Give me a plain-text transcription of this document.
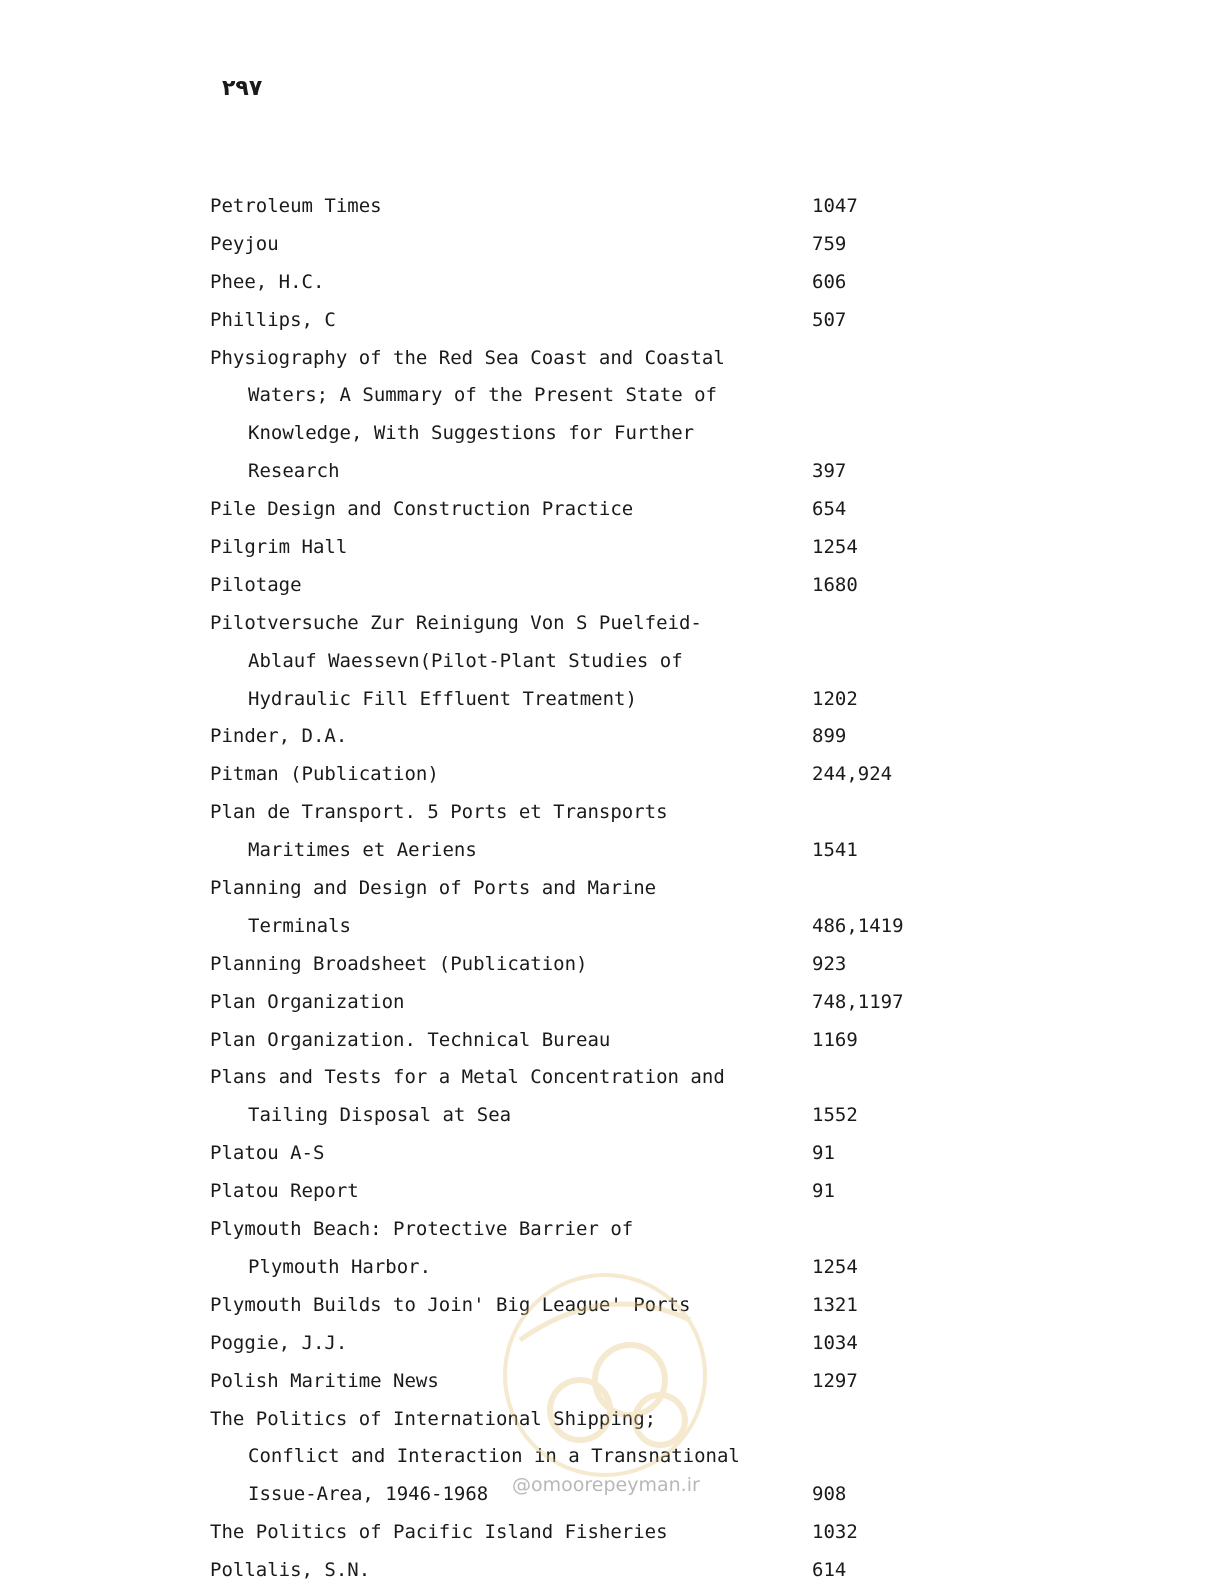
۲۹۷
Petroleum Times	1047
Peyjou	759
Phee, H.C.	606
Phillips, C	507
Physiography of the Red Sea Coast and Coastal
Waters; A Summary of the Present State of
Knowledge, With Suggestions for Further
Research	397
Pile Design and Construction Practice	654
Pilgrim Hall	1254
Pilotage	1680
Pilotversuche Zur Reinigung Von S Puelfeid-
Ablauf Waessevn(Pilot-Plant Studies of
Hydraulic Fill Effluent Treatment)	1202
Pinder, D.A.	899
Pitman (Publication)	244,924
Plan de Transport. 5 Ports et Transports
Maritimes et Aeriens	1541
Planning and Design of Ports and Marine
Terminals	486,1419
Planning Broadsheet (Publication)	923
Plan Organization	748,1197
Plan Organization. Technical Bureau	1169
Plans and Tests for a Metal Concentration and
Tailing Disposal at Sea	1552
Platou A-S	91
Platou Report	91
Plymouth Beach: Protective Barrier of
Plymouth Harbor.	1254
Plymouth Builds to Join' Big League' Ports	1321
Poggie, J.J.	1034
Polish Maritime News	1297
The Politics of International Shipping;
Conflict and Interaction in a Transnational
Issue-Area, 1946-1968	908
The Politics of Pacific Island Fisheries	1032
Pollalis, S.N.	614
@omoorepeyman.ir
